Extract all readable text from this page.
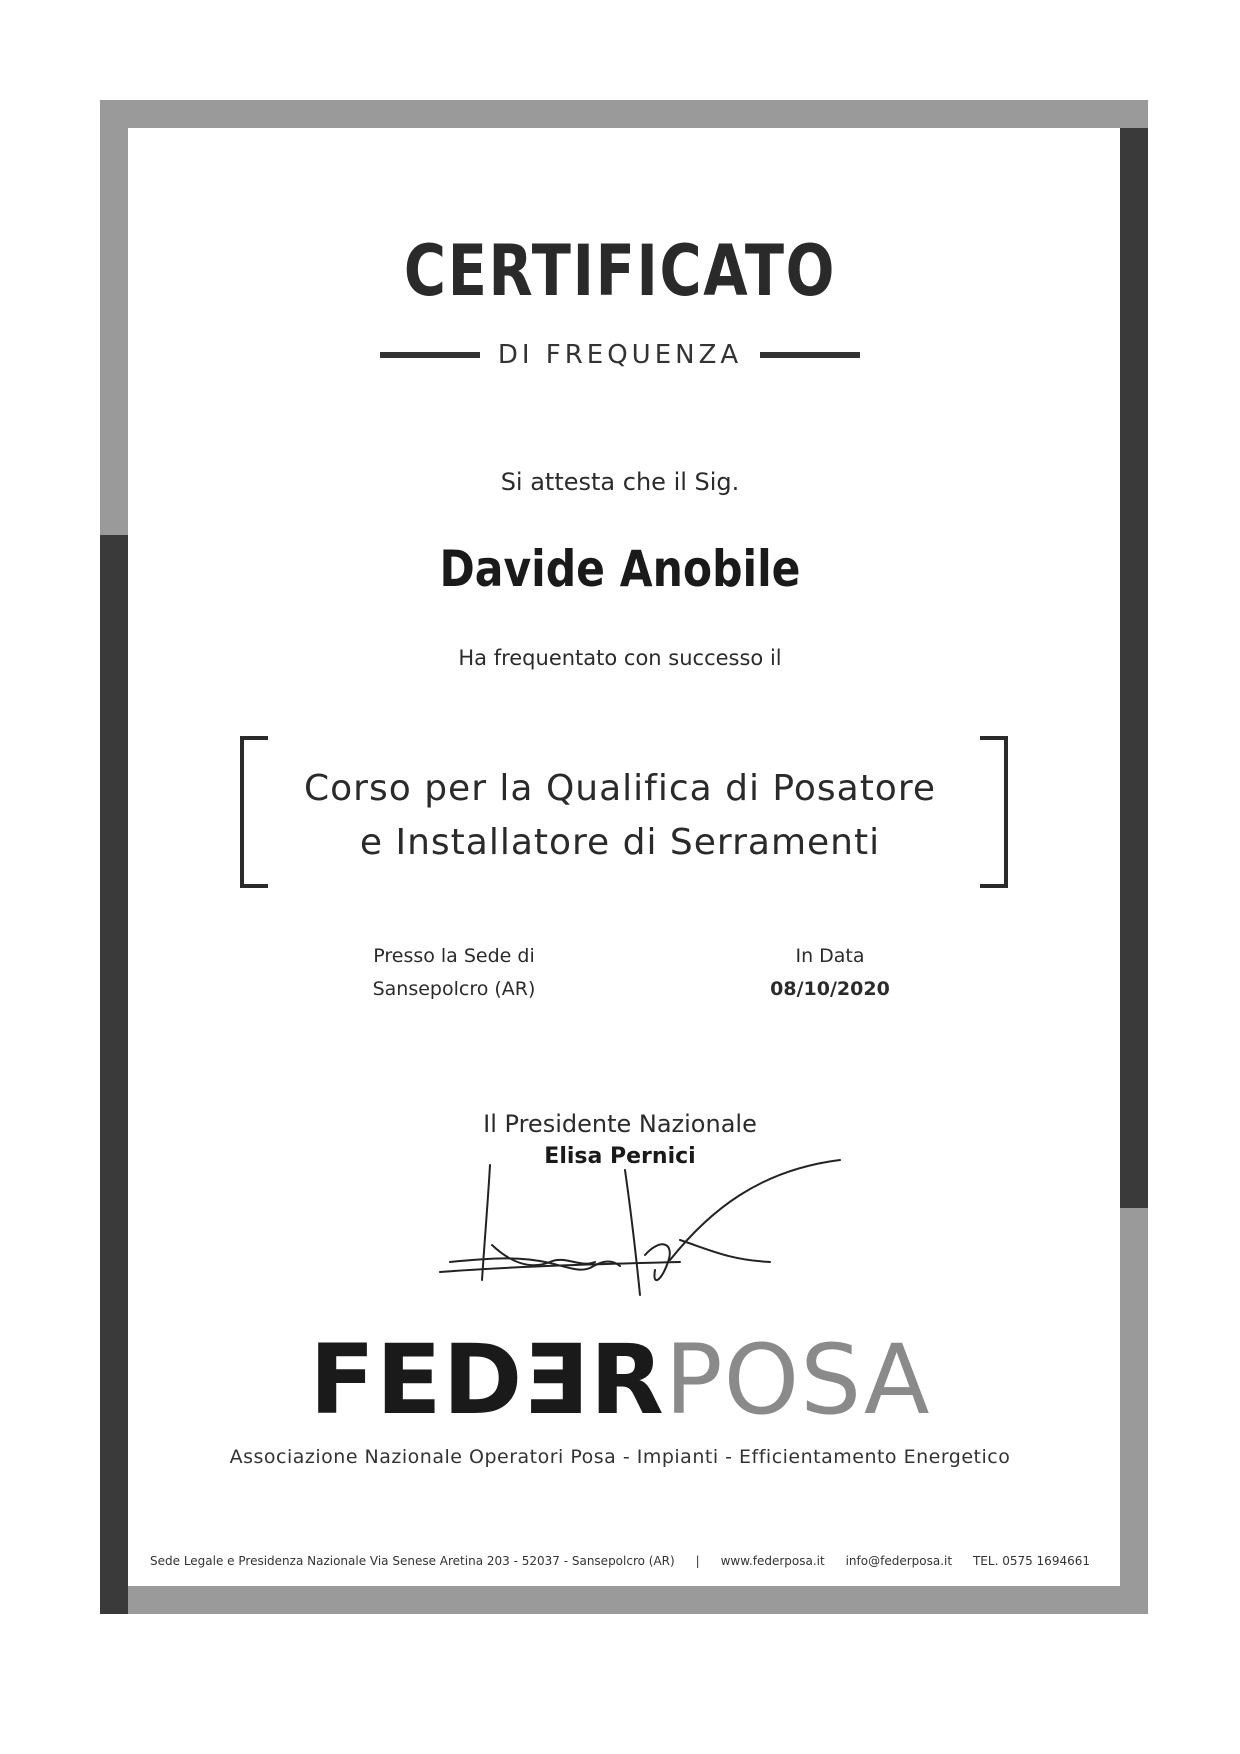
CERTIFICATO
DI FREQUENZA
Si attesta che il Sig.
Davide Anobile
Ha frequentato con successo il
Corso per la Qualifica di Posatore
e Installatore di Serramenti
Presso la Sede di
Sansepolcro (AR)
In Data
08/10/2020
Il Presidente Nazionale
Elisa Pernici
FEDERPOSA
Associazione Nazionale Operatori Posa - Impianti - Efficientamento Energetico
Sede Legale e Presidenza Nazionale Via Senese Aretina 203 - 52037 - Sansepolcro (AR) | www.federposa.it info@federposa.it TEL. 0575 1694661
